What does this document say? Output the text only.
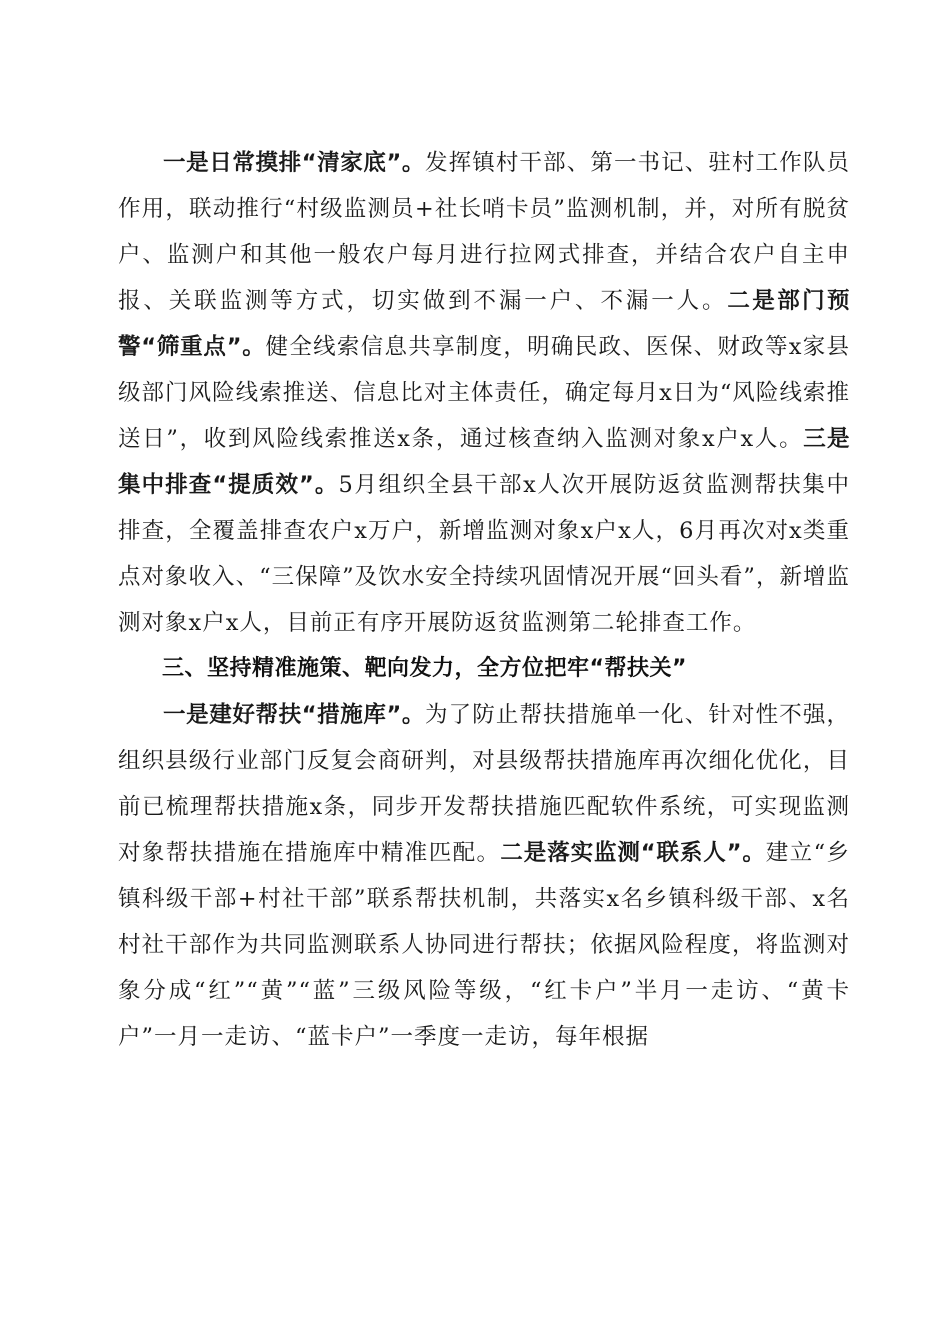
一是日常摸排“清家底”。发挥镇村干部、第一书记、驻村工作队员作用，联动推行“村级监测员+社长哨卡员”监测机制，并，对所有脱贫户、监测户和其他一般农户每月进行拉网式排查，并结合农户自主申报、关联监测等方式，切实做到不漏一户、不漏一人。二是部门预警“筛重点”。健全线索信息共享制度，明确民政、医保、财政等x家县级部门风险线索推送、信息比对主体责任，确定每月x日为“风险线索推送日”，收到风险线索推送x条，通过核查纳入监测对象x户x人。三是集中排查“提质效”。5月组织全县干部x人次开展防返贫监测帮扶集中排查，全覆盖排查农户x万户，新增监测对象x户x人，6月再次对x类重点对象收入、“三保障”及饮水安全持续巩固情况开展“回头看”，新增监测对象x户x人，目前正有序开展防返贫监测第二轮排查工作。

三、坚持精准施策、靶向发力，全方位把牢“帮扶关”

一是建好帮扶“措施库”。为了防止帮扶措施单一化、针对性不强，组织县级行业部门反复会商研判，对县级帮扶措施库再次细化优化，目前已梳理帮扶措施x条，同步开发帮扶措施匹配软件系统，可实现监测对象帮扶措施在措施库中精准匹配。二是落实监测“联系人”。建立“乡镇科级干部+村社干部”联系帮扶机制，共落实x名乡镇科级干部、x名村社干部作为共同监测联系人协同进行帮扶；依据风险程度，将监测对象分成“红”“黄”“蓝”三级风险等级，“红卡户”半月一走访、“黄卡户”一月一走访、“蓝卡户”一季度一走访，每年根据
